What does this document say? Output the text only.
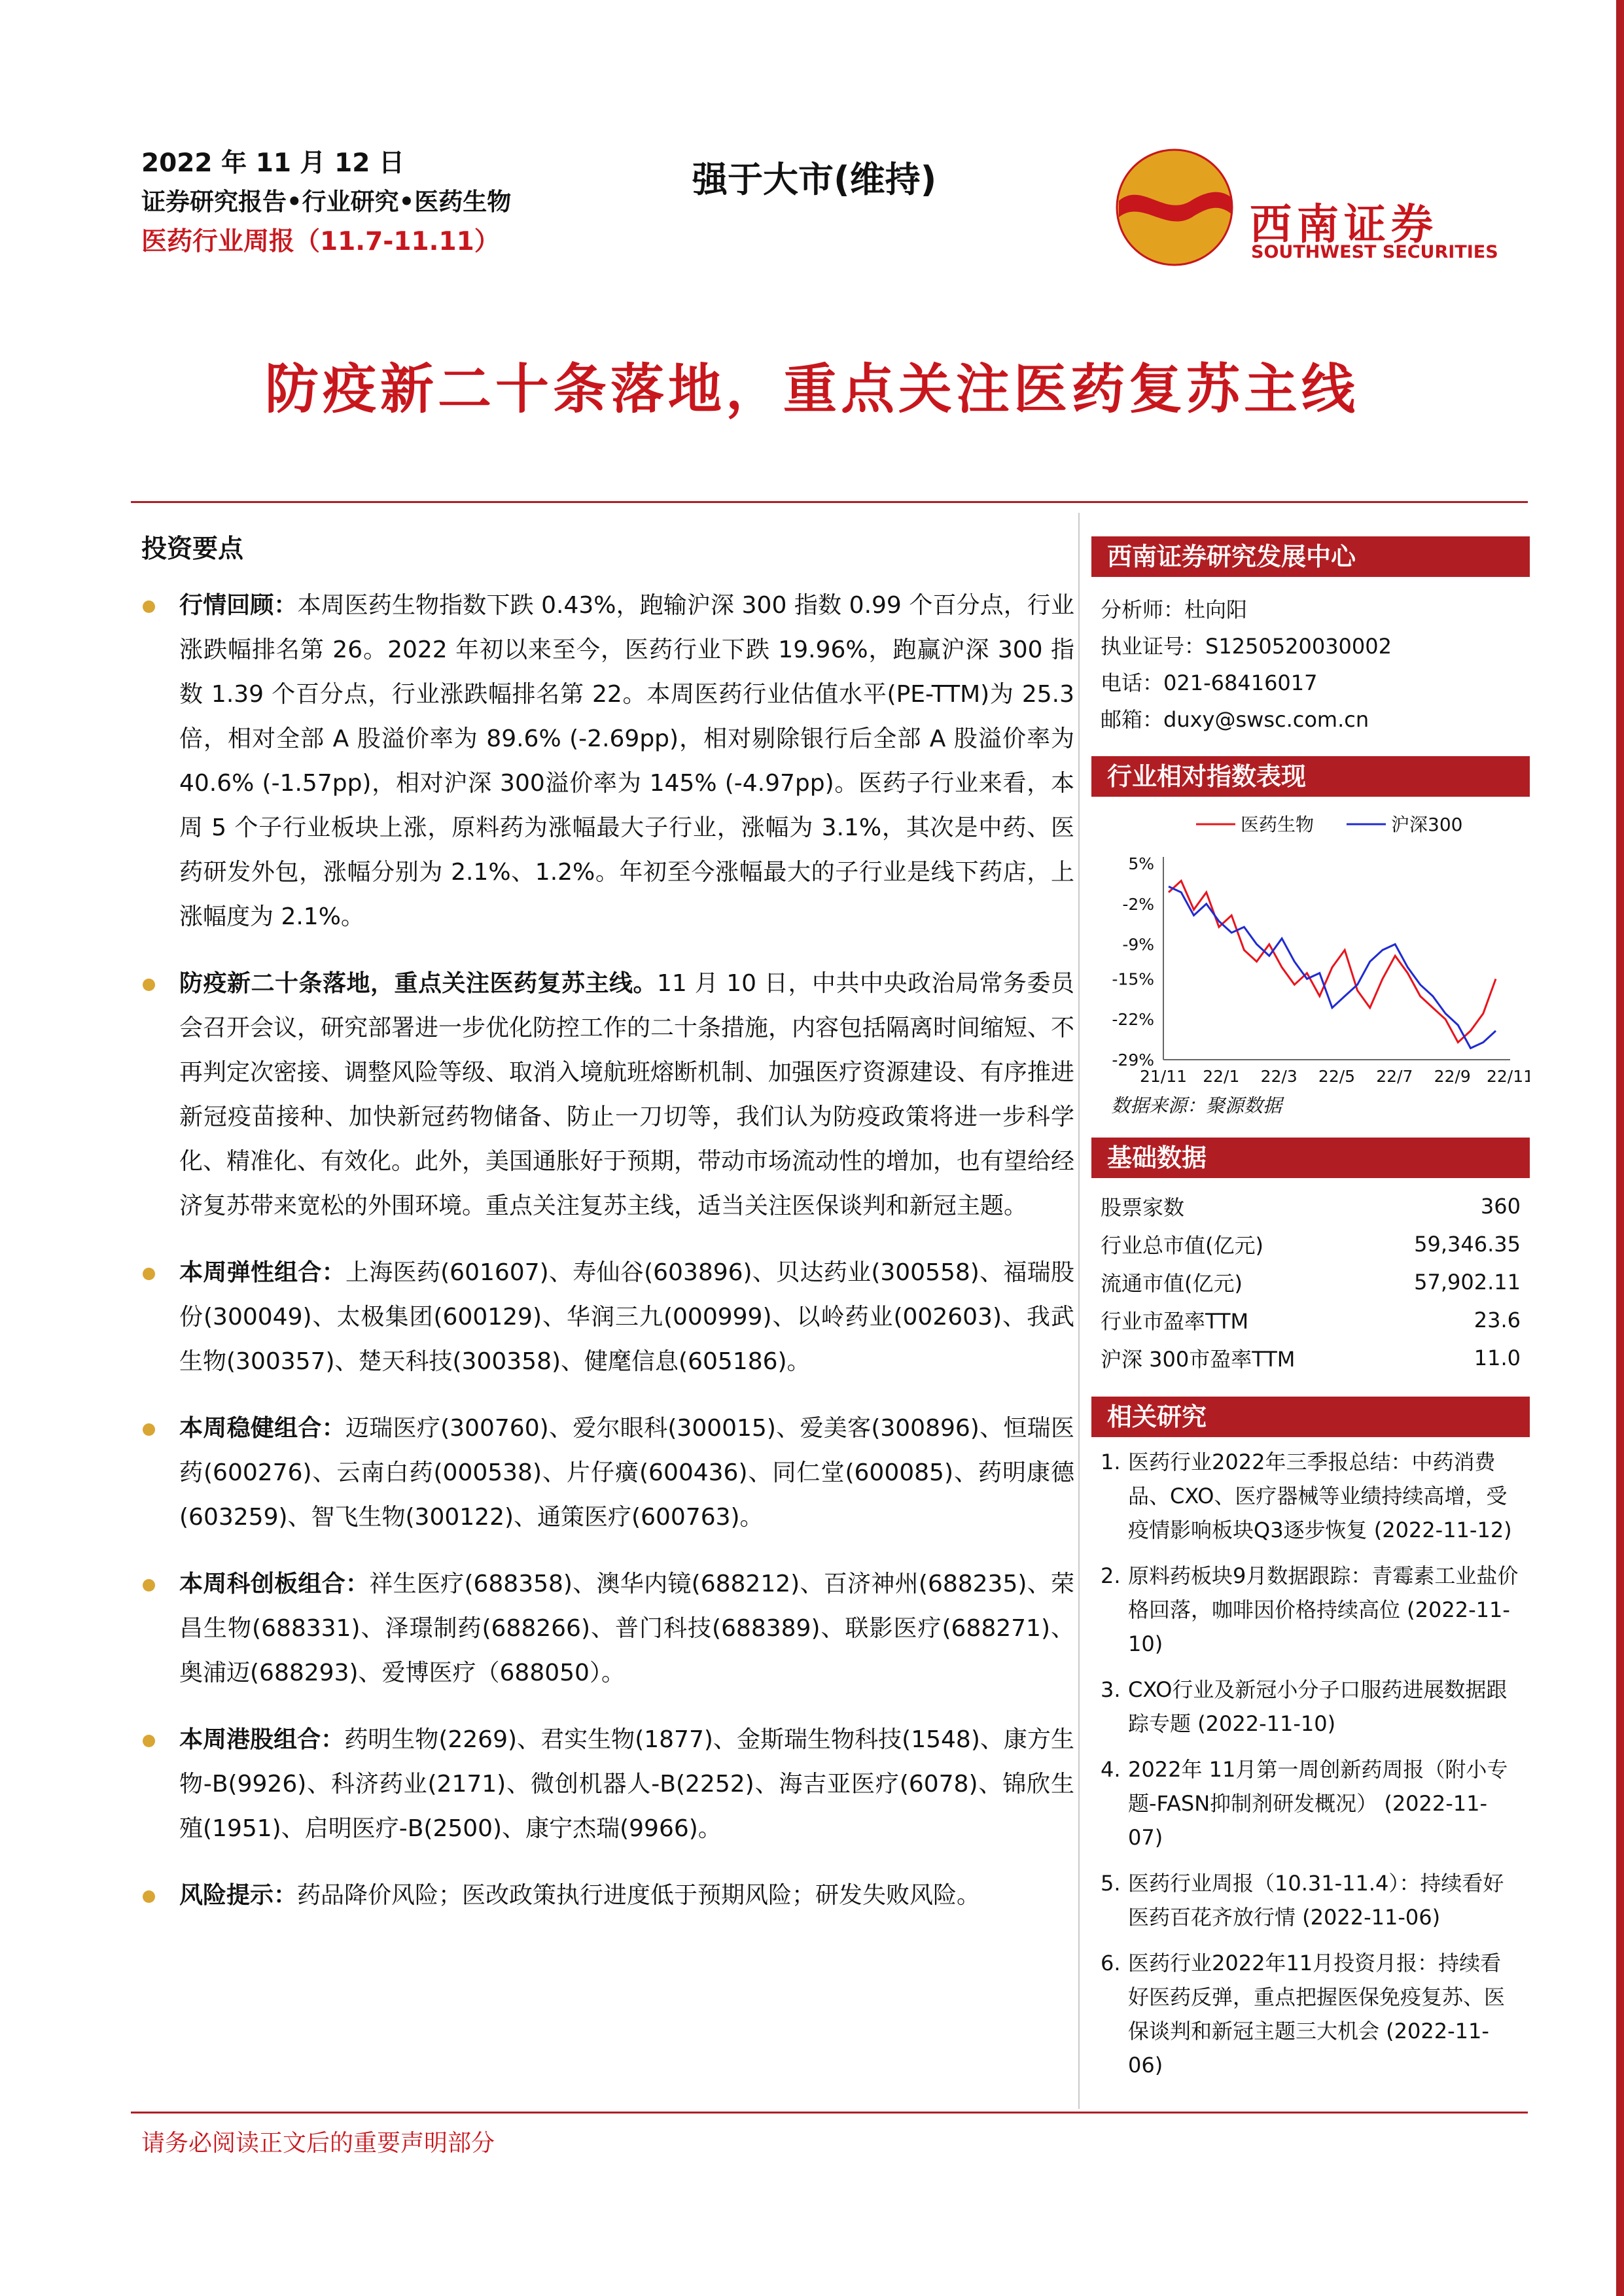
2022 年 11 月 12 日
证券研究报告•行业研究•医药生物
医药行业周报（11.7-11.11）
强于大市(维持)
西南证券
SOUTHWEST SECURITIES
防疫新二十条落地，重点关注医药复苏主线
投资要点
行情回顾：本周医药生物指数下跌 0.43%，跑输沪深 300 指数 0.99 个百分点，行业涨跌幅排名第 26。2022 年初以来至今，医药行业下跌 19.96%，跑赢沪深 300 指数 1.39 个百分点，行业涨跌幅排名第 22。本周医药行业估值水平(PE-TTM)为 25.3 倍，相对全部 A 股溢价率为 89.6% (-2.69pp)，相对剔除银行后全部 A 股溢价率为 40.6% (-1.57pp)，相对沪深 300溢价率为 145% (-4.97pp)。医药子行业来看，本周 5 个子行业板块上涨，原料药为涨幅最大子行业，涨幅为 3.1%，其次是中药、医药研发外包，涨幅分别为 2.1%、1.2%。年初至今涨幅最大的子行业是线下药店，上涨幅度为 2.1%。
防疫新二十条落地，重点关注医药复苏主线。11 月 10 日，中共中央政治局常务委员会召开会议，研究部署进一步优化防控工作的二十条措施，内容包括隔离时间缩短、不再判定次密接、调整风险等级、取消入境航班熔断机制、加强医疗资源建设、有序推进新冠疫苗接种、加快新冠药物储备、防止一刀切等，我们认为防疫政策将进一步科学化、精准化、有效化。此外，美国通胀好于预期，带动市场流动性的增加，也有望给经济复苏带来宽松的外围环境。重点关注复苏主线，适当关注医保谈判和新冠主题。
本周弹性组合：上海医药(601607)、寿仙谷(603896)、贝达药业(300558)、福瑞股份(300049)、太极集团(600129)、华润三九(000999)、以岭药业(002603)、我武生物(300357)、楚天科技(300358)、健麾信息(605186)。
本周稳健组合：迈瑞医疗(300760)、爱尔眼科(300015)、爱美客(300896)、恒瑞医药(600276)、云南白药(000538)、片仔癀(600436)、同仁堂(600085)、药明康德(603259)、智飞生物(300122)、通策医疗(600763)。
本周科创板组合：祥生医疗(688358)、澳华内镜(688212)、百济神州(688235)、荣昌生物(688331)、泽璟制药(688266)、普门科技(688389)、联影医疗(688271)、奥浦迈(688293)、爱博医疗（688050）。
本周港股组合：药明生物(2269)、君实生物(1877)、金斯瑞生物科技(1548)、康方生物-B(9926)、科济药业(2171)、微创机器人-B(2252)、海吉亚医疗(6078)、锦欣生殖(1951)、启明医疗-B(2500)、康宁杰瑞(9966)。
风险提示：药品降价风险；医改政策执行进度低于预期风险；研发失败风险。
西南证券研究发展中心
分析师：杜向阳
执业证号：S1250520030002
电话：021-68416017
邮箱：duxy@swsc.com.cn
行业相对指数表现
医药生物	沪深300
5%
-2%
-9%
-15%
-22%
-29%
21/11 22/1 22/3 22/5 22/7 22/9 22/11
数据来源：聚源数据
基础数据
股票家数	360
行业总市值(亿元)	59,346.35
流通市值(亿元)	57,902.11
行业市盈率TTM	23.6
沪深 300市盈率TTM	11.0
相关研究
1. 医药行业2022年三季报总结：中药消费品、CXO、医疗器械等业绩持续高增，受疫情影响板块Q3逐步恢复 (2022-11-12)
2. 原料药板块9月数据跟踪：青霉素工业盐价格回落，咖啡因价格持续高位 (2022-11-10)
3. CXO行业及新冠小分子口服药进展数据跟踪专题 (2022-11-10)
4. 2022年 11月第一周创新药周报（附小专题-FASN抑制剂研发概况） (2022-11-07)
5. 医药行业周报（10.31-11.4）：持续看好医药百花齐放行情 (2022-11-06)
6. 医药行业2022年11月投资月报：持续看好医药反弹，重点把握医保免疫复苏、医保谈判和新冠主题三大机会 (2022-11-06)
请务必阅读正文后的重要声明部分
